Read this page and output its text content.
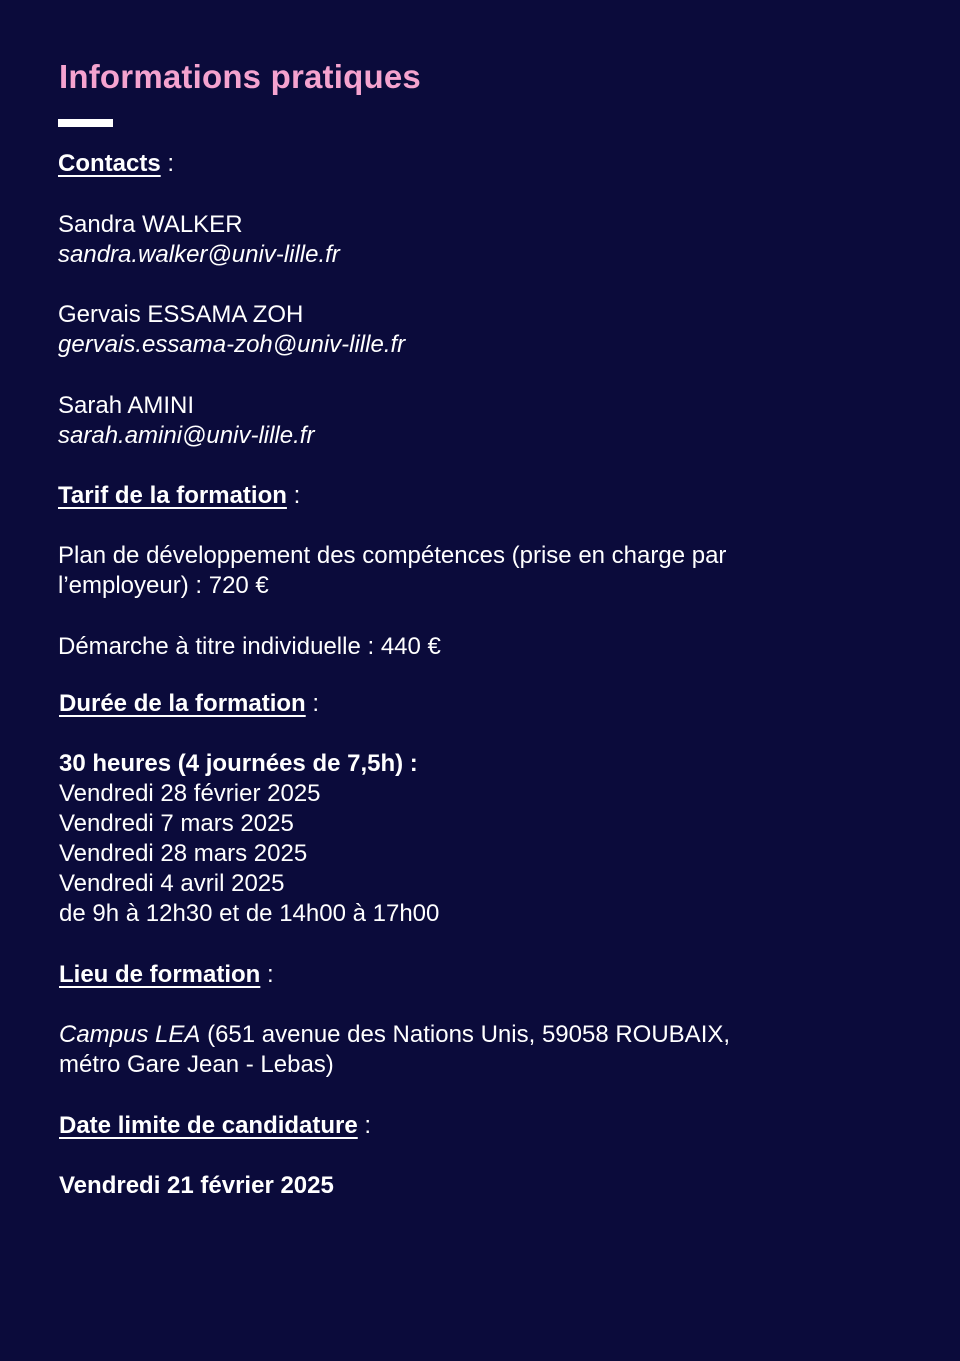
Informations pratiques

Contacts :

Sandra WALKER

sandra.walker@univ-lille.fr

Gervais ESSAMA ZOH

gervais.essama-zoh@univ-lille.fr

Sarah AMINI

sarah.amini@univ-lille.fr

Tarif de la formation :

Plan de développement des compétences (prise en charge par

l’employeur) : 720 €

Démarche à titre individuelle : 440 €

Durée de la formation :

30 heures (4 journées de 7,5h) :

Vendredi 28 février 2025

Vendredi 7 mars 2025

Vendredi 28 mars 2025

Vendredi 4 avril 2025

de 9h à 12h30 et de 14h00 à 17h00

Lieu de formation :

Campus LEA (651 avenue des Nations Unis, 59058 ROUBAIX,

métro Gare Jean - Lebas)

Date limite de candidature :

Vendredi 21 février 2025
